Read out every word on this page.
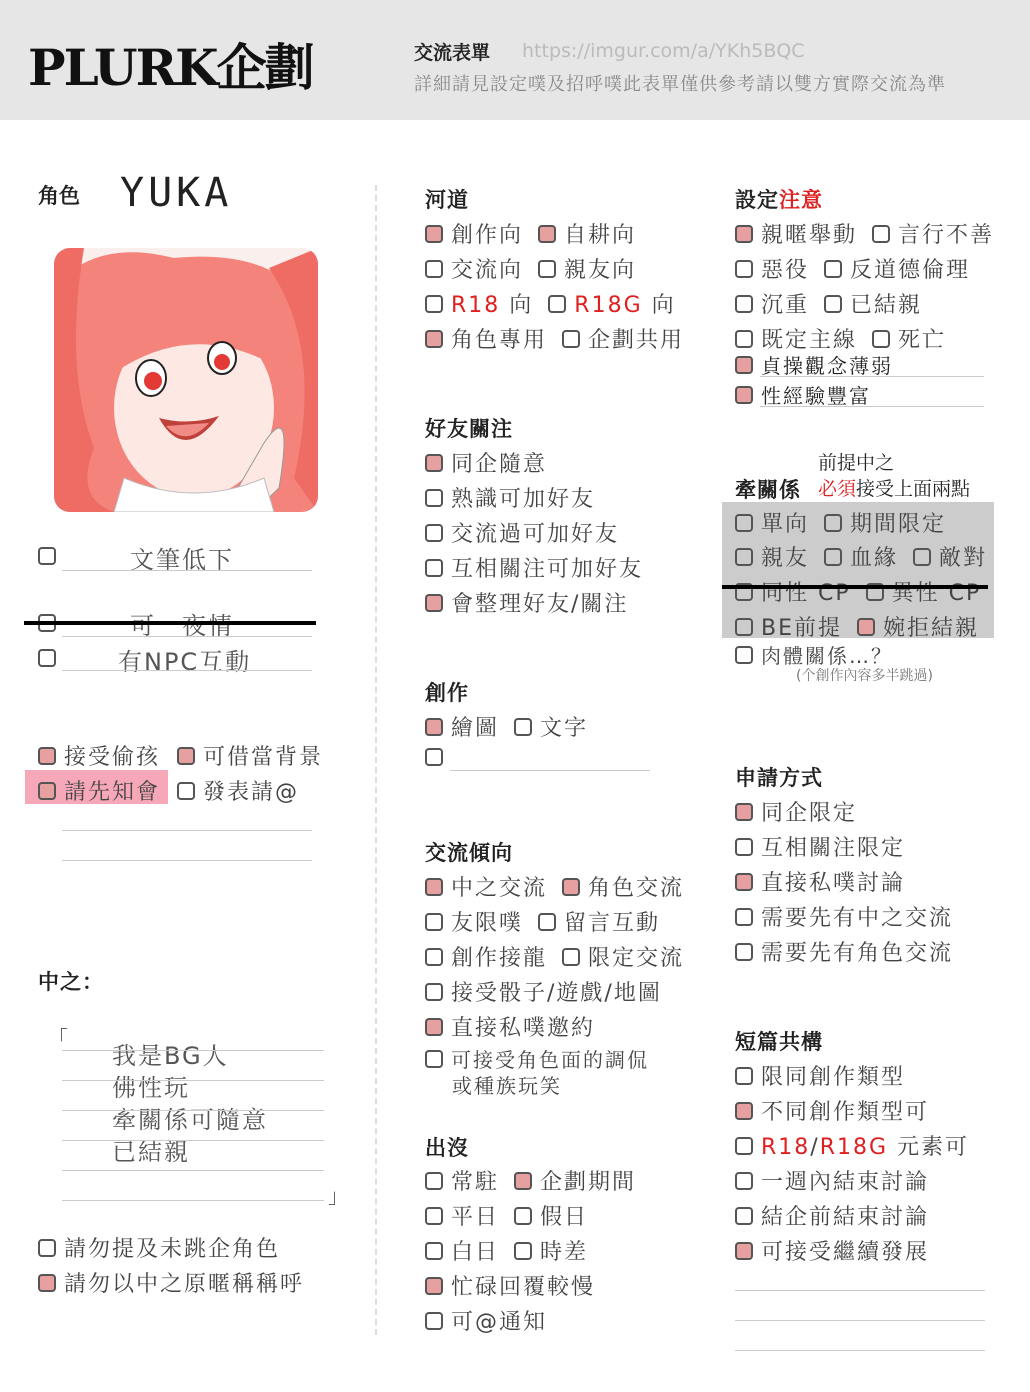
PLURK企劃	交流表單 https://imgur.com/a/YKh5BQC
詳細請見設定噗及招呼噗此表單僅供參考請以雙方實際交流為準
角色 YUKA
文筆低下
可一夜情
有NPC互動
接受偷孩 可借當背景
請先知會 發表請@
中之：
「
我是BG人
佛性玩
牽關係可隨意
已結親
」
請勿提及未跳企角色
請勿以中之原暱稱稱呼
河道
創作向 自耕向
交流向 親友向
R18 向 R18G 向
角色專用 企劃共用
好友關注
同企隨意
熟識可加好友
交流過可加好友
互相關注可加好友
會整理好友/關注
創作
繪圖 文字
交流傾向
中之交流 角色交流
友限噗 留言互動
創作接龍 限定交流
接受骰子/遊戲/地圖
直接私噗邀約
可接受角色面的調侃
或種族玩笑
出沒
常駐 企劃期間
平日 假日
白日 時差
忙碌回覆較慢
可@通知
設定注意
親暱舉動 言行不善
惡役 反道德倫理
沉重 已結親
既定主線 死亡
貞操觀念薄弱
性經驗豐富
前提中之
牽關係 必須接受上面兩點
單向 期間限定
親友 血緣 敵對
同性 CP 異性 CP
BE前提 婉拒結親
肉體關係…？
(个創作內容多半跳過)
申請方式
同企限定
互相關注限定
直接私噗討論
需要先有中之交流
需要先有角色交流
短篇共構
限同創作類型
不同創作類型可
R18/R18G 元素可
一週內結束討論
結企前結束討論
可接受繼續發展
